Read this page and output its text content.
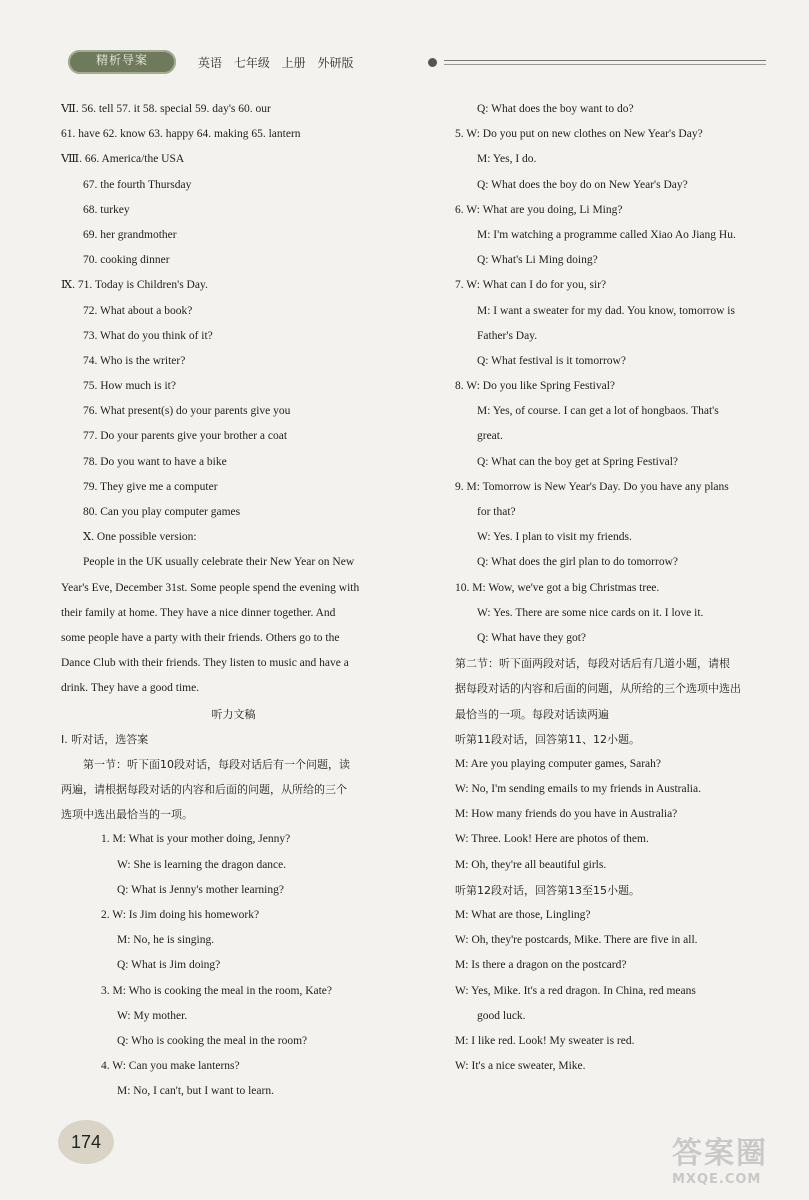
精析导案	英语 七年级 上册 外研版
Ⅶ. 56. tell 57. it 58. special 59. day's 60. our
61. have 62. know 63. happy 64. making 65. lantern
Ⅷ. 66. America/the USA
67. the fourth Thursday
68. turkey
69. her grandmother
70. cooking dinner
Ⅸ. 71. Today is Children's Day.
72. What about a book?
73. What do you think of it?
74. Who is the writer?
75. How much is it?
76. What present(s) do your parents give you
77. Do your parents give your brother a coat
78. Do you want to have a bike
79. They give me a computer
80. Can you play computer games
Ⅹ. One possible version:
People in the UK usually celebrate their New Year on New
Year's Eve, December 31st. Some people spend the evening with
their family at home. They have a nice dinner together. And
some people have a party with their friends. Others go to the
Dance Club with their friends. They listen to music and have a
drink. They have a good time.
听力文稿
Ⅰ. 听对话，选答案
第一节：听下面10段对话，每段对话后有一个问题，读
两遍，请根据每段对话的内容和后面的问题，从所给的三个
选项中选出最恰当的一项。
1. M: What is your mother doing, Jenny?
W: She is learning the dragon dance.
Q: What is Jenny's mother learning?
2. W: Is Jim doing his homework?
M: No, he is singing.
Q: What is Jim doing?
3. M: Who is cooking the meal in the room, Kate?
W: My mother.
Q: Who is cooking the meal in the room?
4. W: Can you make lanterns?
M: No, I can't, but I want to learn.
Q: What does the boy want to do?
5. W: Do you put on new clothes on New Year's Day?
M: Yes, I do.
Q: What does the boy do on New Year's Day?
6. W: What are you doing, Li Ming?
M: I'm watching a programme called Xiao Ao Jiang Hu.
Q: What's Li Ming doing?
7. W: What can I do for you, sir?
M: I want a sweater for my dad. You know, tomorrow is
Father's Day.
Q: What festival is it tomorrow?
8. W: Do you like Spring Festival?
M: Yes, of course. I can get a lot of hongbaos. That's
great.
Q: What can the boy get at Spring Festival?
9. M: Tomorrow is New Year's Day. Do you have any plans
for that?
W: Yes. I plan to visit my friends.
Q: What does the girl plan to do tomorrow?
10. M: Wow, we've got a big Christmas tree.
W: Yes. There are some nice cards on it. I love it.
Q: What have they got?
第二节：听下面两段对话，每段对话后有几道小题，请根
据每段对话的内容和后面的问题，从所给的三个选项中选出
最恰当的一项。每段对话读两遍
听第11段对话，回答第11、12小题。
M: Are you playing computer games, Sarah?
W: No, I'm sending emails to my friends in Australia.
M: How many friends do you have in Australia?
W: Three. Look! Here are photos of them.
M: Oh, they're all beautiful girls.
听第12段对话，回答第13至15小题。
M: What are those, Lingling?
W: Oh, they're postcards, Mike. There are five in all.
M: Is there a dragon on the postcard?
W: Yes, Mike. It's a red dragon. In China, red means
good luck.
M: I like red. Look! My sweater is red.
W: It's a nice sweater, Mike.
174	答案圈
MXQE.COM
